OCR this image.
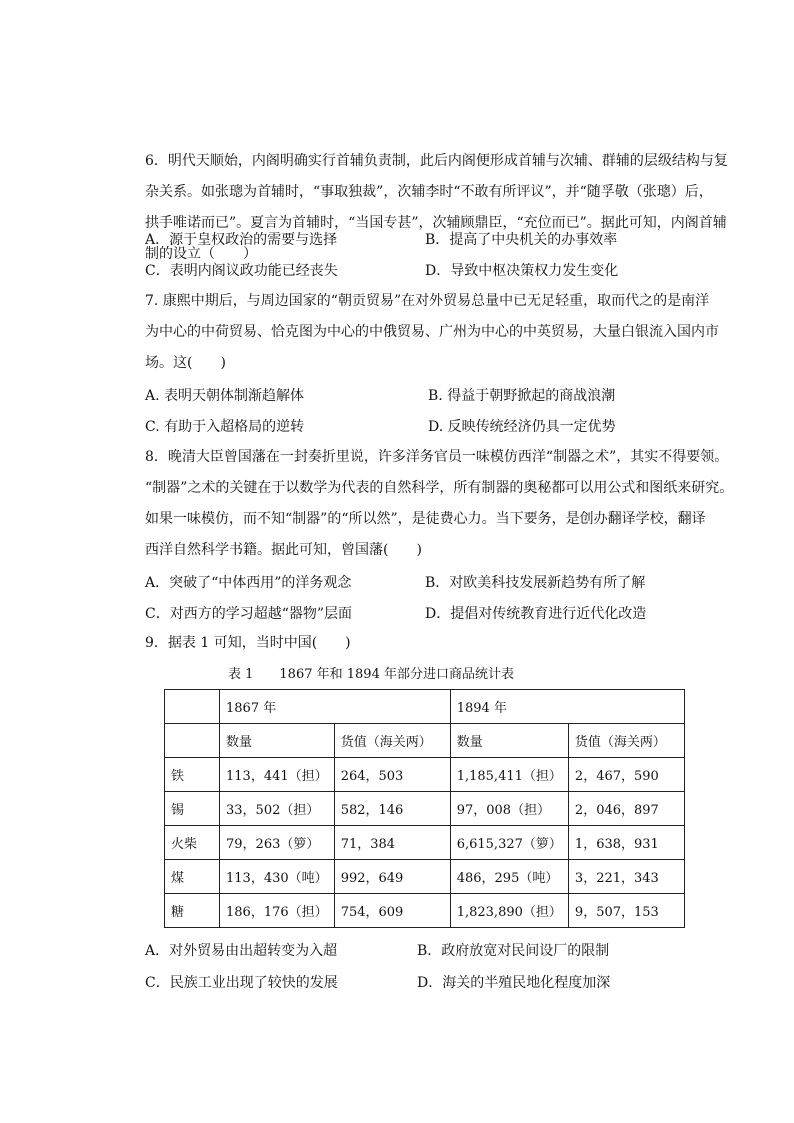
6．明代天顺始，内阁明确实行首辅负责制，此后内阁便形成首辅与次辅、群辅的层级结构与复

杂关系。如张璁为首辅时，“事取独裁”，次辅李时“不敢有所评议”，并“随孚敬（张璁）后，

拱手唯诺而已”。夏言为首辅时，“当国专甚”，次辅顾鼎臣，“充位而已”。据此可知，内阁首辅

制的设立（　　）

A．源于皇权政治的需要与选择	B．提高了中央机关的办事效率
C．表明内阁议政功能已经丧失	D．导致中枢决策权力发生变化

7. 康熙中期后，与周边国家的“朝贡贸易”在对外贸易总量中已无足轻重，取而代之的是南洋

为中心的中荷贸易、恰克图为中心的中俄贸易、广州为中心的中英贸易，大量白银流入国内市

场。这(　　)

A. 表明天朝体制渐趋解体	B. 得益于朝野掀起的商战浪潮
C. 有助于入超格局的逆转	D. 反映传统经济仍具一定优势

8．晚清大臣曾国藩在一封奏折里说，许多洋务官员一味模仿西洋“制器之术”，其实不得要领。

“制器”之术的关键在于以数学为代表的自然科学，所有制器的奥秘都可以用公式和图纸来研究。

如果一味模仿，而不知“制器”的“所以然”，是徒费心力。当下要务，是创办翻译学校，翻译

西洋自然科学书籍。据此可知，曾国藩(　　)

A．突破了“中体西用”的洋务观念	B．对欧美科技发展新趋势有所了解
C．对西方的学习超越“器物”层面	D．提倡对传统教育进行近代化改造

9．据表 1 可知，当时中国(　　)

表 1　　1867 年和 1894 年部分进口商品统计表
	1867 年		1894 年	
	数量	货值（海关两）	数量	货值（海关两）
铁	113，441（担）	264，503	1,185,411（担）	2，467，590
锡	33，502（担）	582，146	97，008（担）	2，046，897
火柴	79，263（箩）	71，384	6,615,327（箩）	1，638，931
煤	113，430（吨）	992，649	486，295（吨）	3，221，343
糖	186，176（担）	754，609	1,823,890（担）	9，507，153
A．对外贸易由出超转变为入超	B．政府放宽对民间设厂的限制
C．民族工业出现了较快的发展	D．海关的半殖民地化程度加深
